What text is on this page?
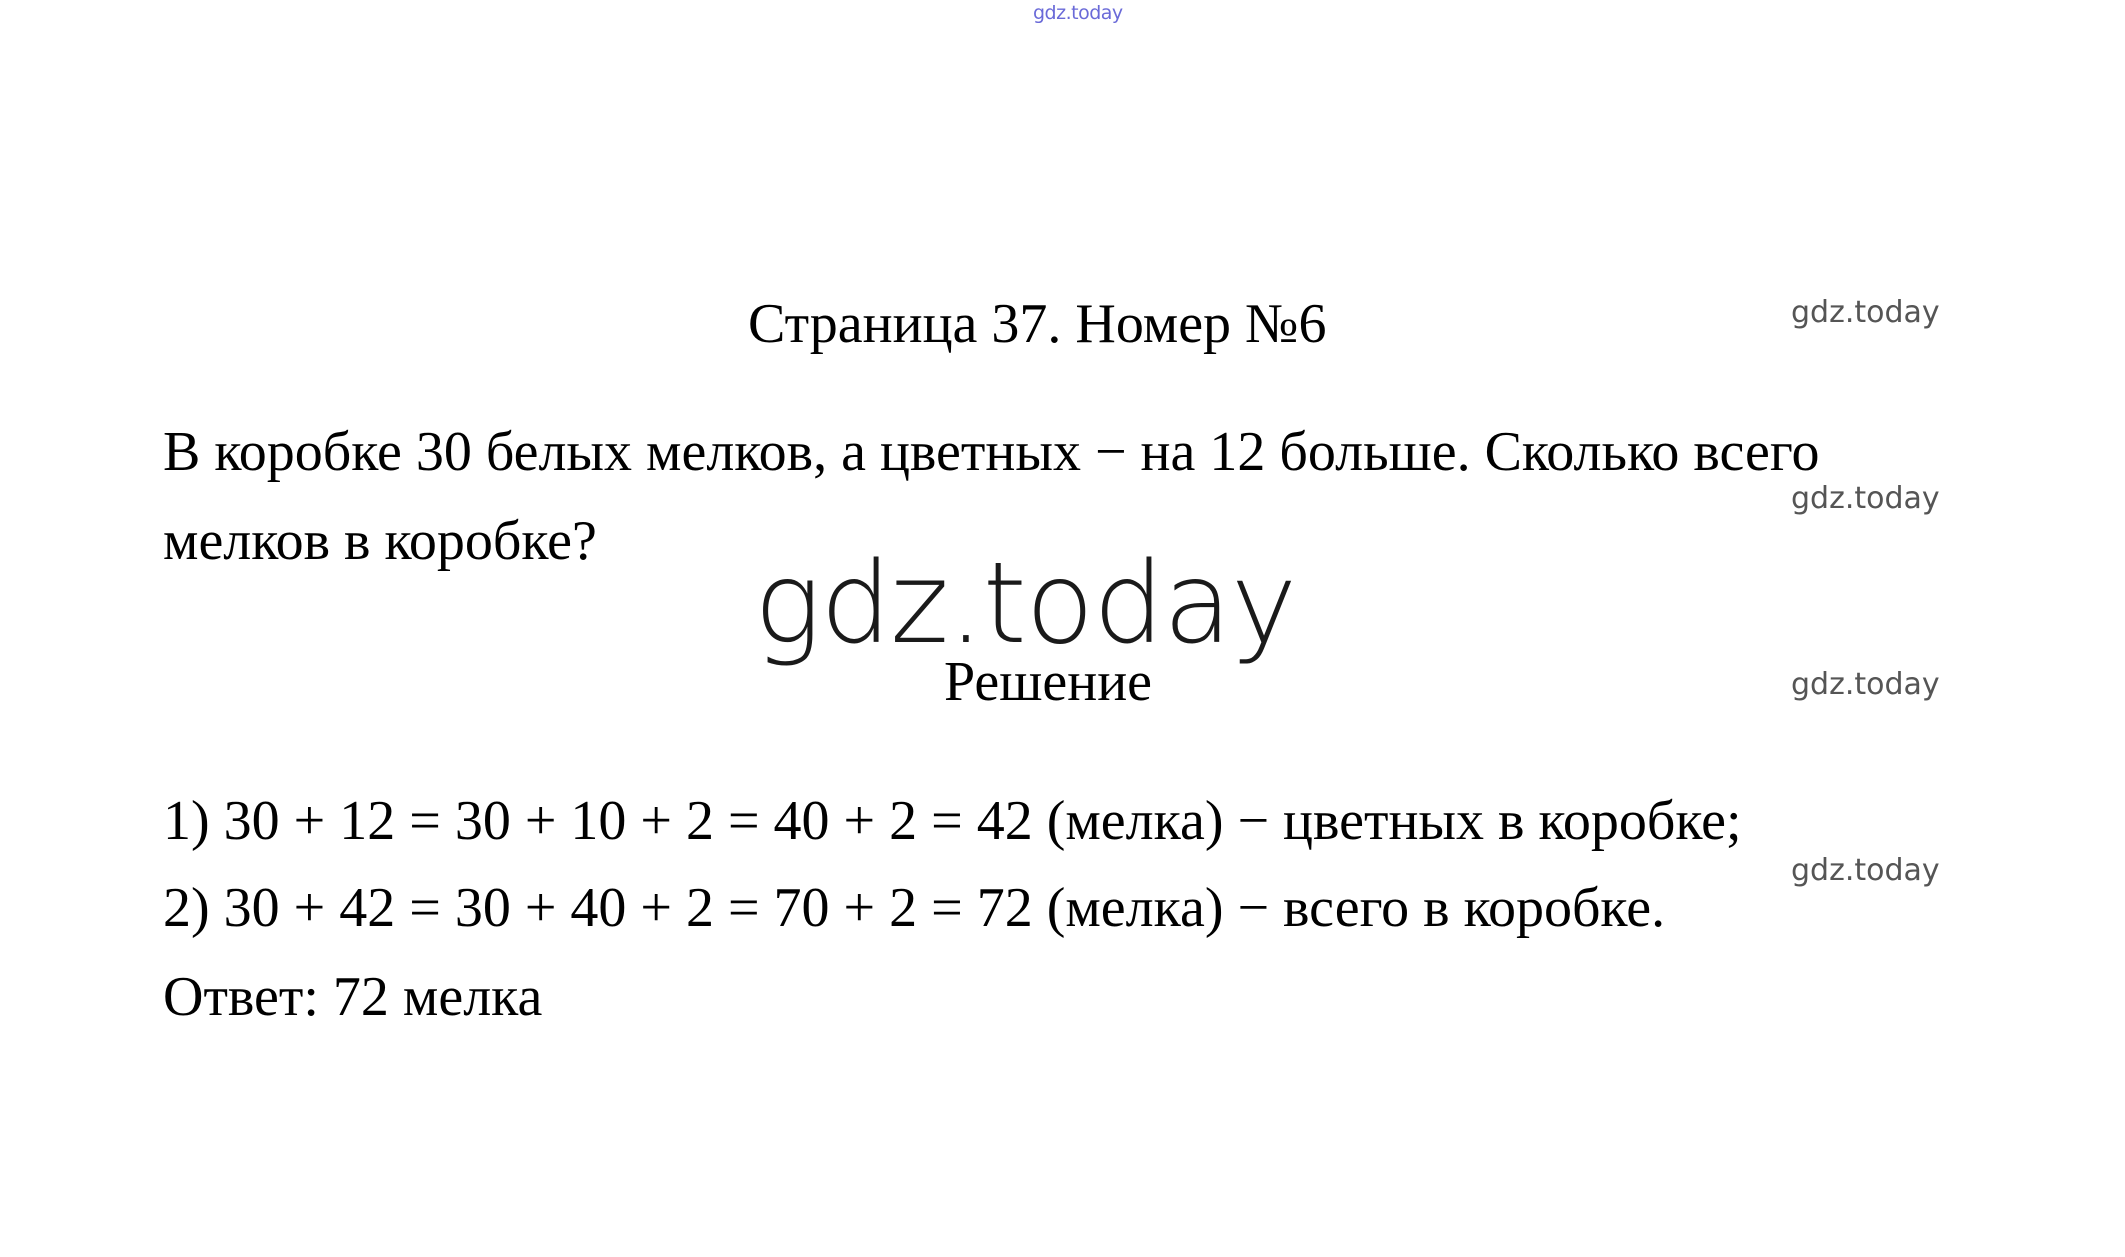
gdz.today
Страница 37. Номер №6	gdz.today
В коробке 30 белых мелков, а цветных − на 12 больше. Сколько всего
gdz.today
мелков в коробке? gdz.today
Решение	gdz.today
1) 30 + 12 = 30 + 10 + 2 = 40 + 2 = 42 (мелка) − цветных в коробке;
gdz.today
2) 30 + 42 = 30 + 40 + 2 = 70 + 2 = 72 (мелка) − всего в коробке.
Ответ: 72 мелка
